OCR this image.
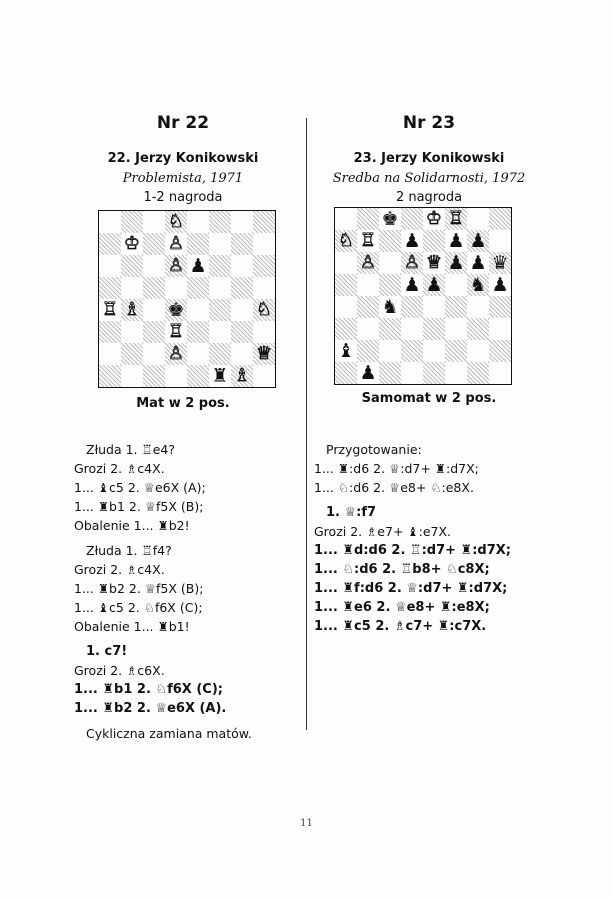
Nr 22
22. Jerzy Konikowski
Problemista, 1971
1-2 nagroda
♘
♔ ♙
♙ ♟
♖ ♗ ♚	♘
♖
♙	♕
♜ ♗
Mat w 2 pos.
Złuda 1. ♖e4?
Grozi 2. ♗c4X.
1... ♝c5 2. ♕e6X (A);
1... ♜b1 2. ♕f5X (B);
Obalenie 1... ♜b2!
Złuda 1. ♖f4?
Grozi 2. ♗c4X.
1... ♜b2 2. ♕f5X (B);
1... ♝c5 2. ♘f6X (C);
Obalenie 1... ♜b1!
1. c7!
Grozi 2. ♗c6X.
1... ♜b1 2. ♘f6X (C);
1... ♜b2 2. ♕e6X (A).
Cykliczna zamiana matów.
Nr 23
23. Jerzy Konikowski
Sredba na Solidarnosti, 1972
2 nagroda
♚ ♔ ♖
♘ ♖ ♟ ♟ ♟
♙ ♙ ♕ ♟ ♟ ♛
♟ ♟ ♞ ♟
♞
♝
♟
Samomat w 2 pos.
Przygotowanie:
1... ♜:d6 2. ♕:d7+ ♜:d7X;
1... ♘:d6 2. ♕e8+ ♘:e8X.
1. ♕:f7
Grozi 2. ♗e7+ ♝:e7X.
1... ♜d:d6 2. ♖:d7+ ♜:d7X;
1... ♘:d6 2. ♖b8+ ♘c8X;
1... ♜f:d6 2. ♕:d7+ ♜:d7X;
1... ♜e6 2. ♕e8+ ♜:e8X;
1... ♜c5 2. ♗c7+ ♜:c7X.
11
